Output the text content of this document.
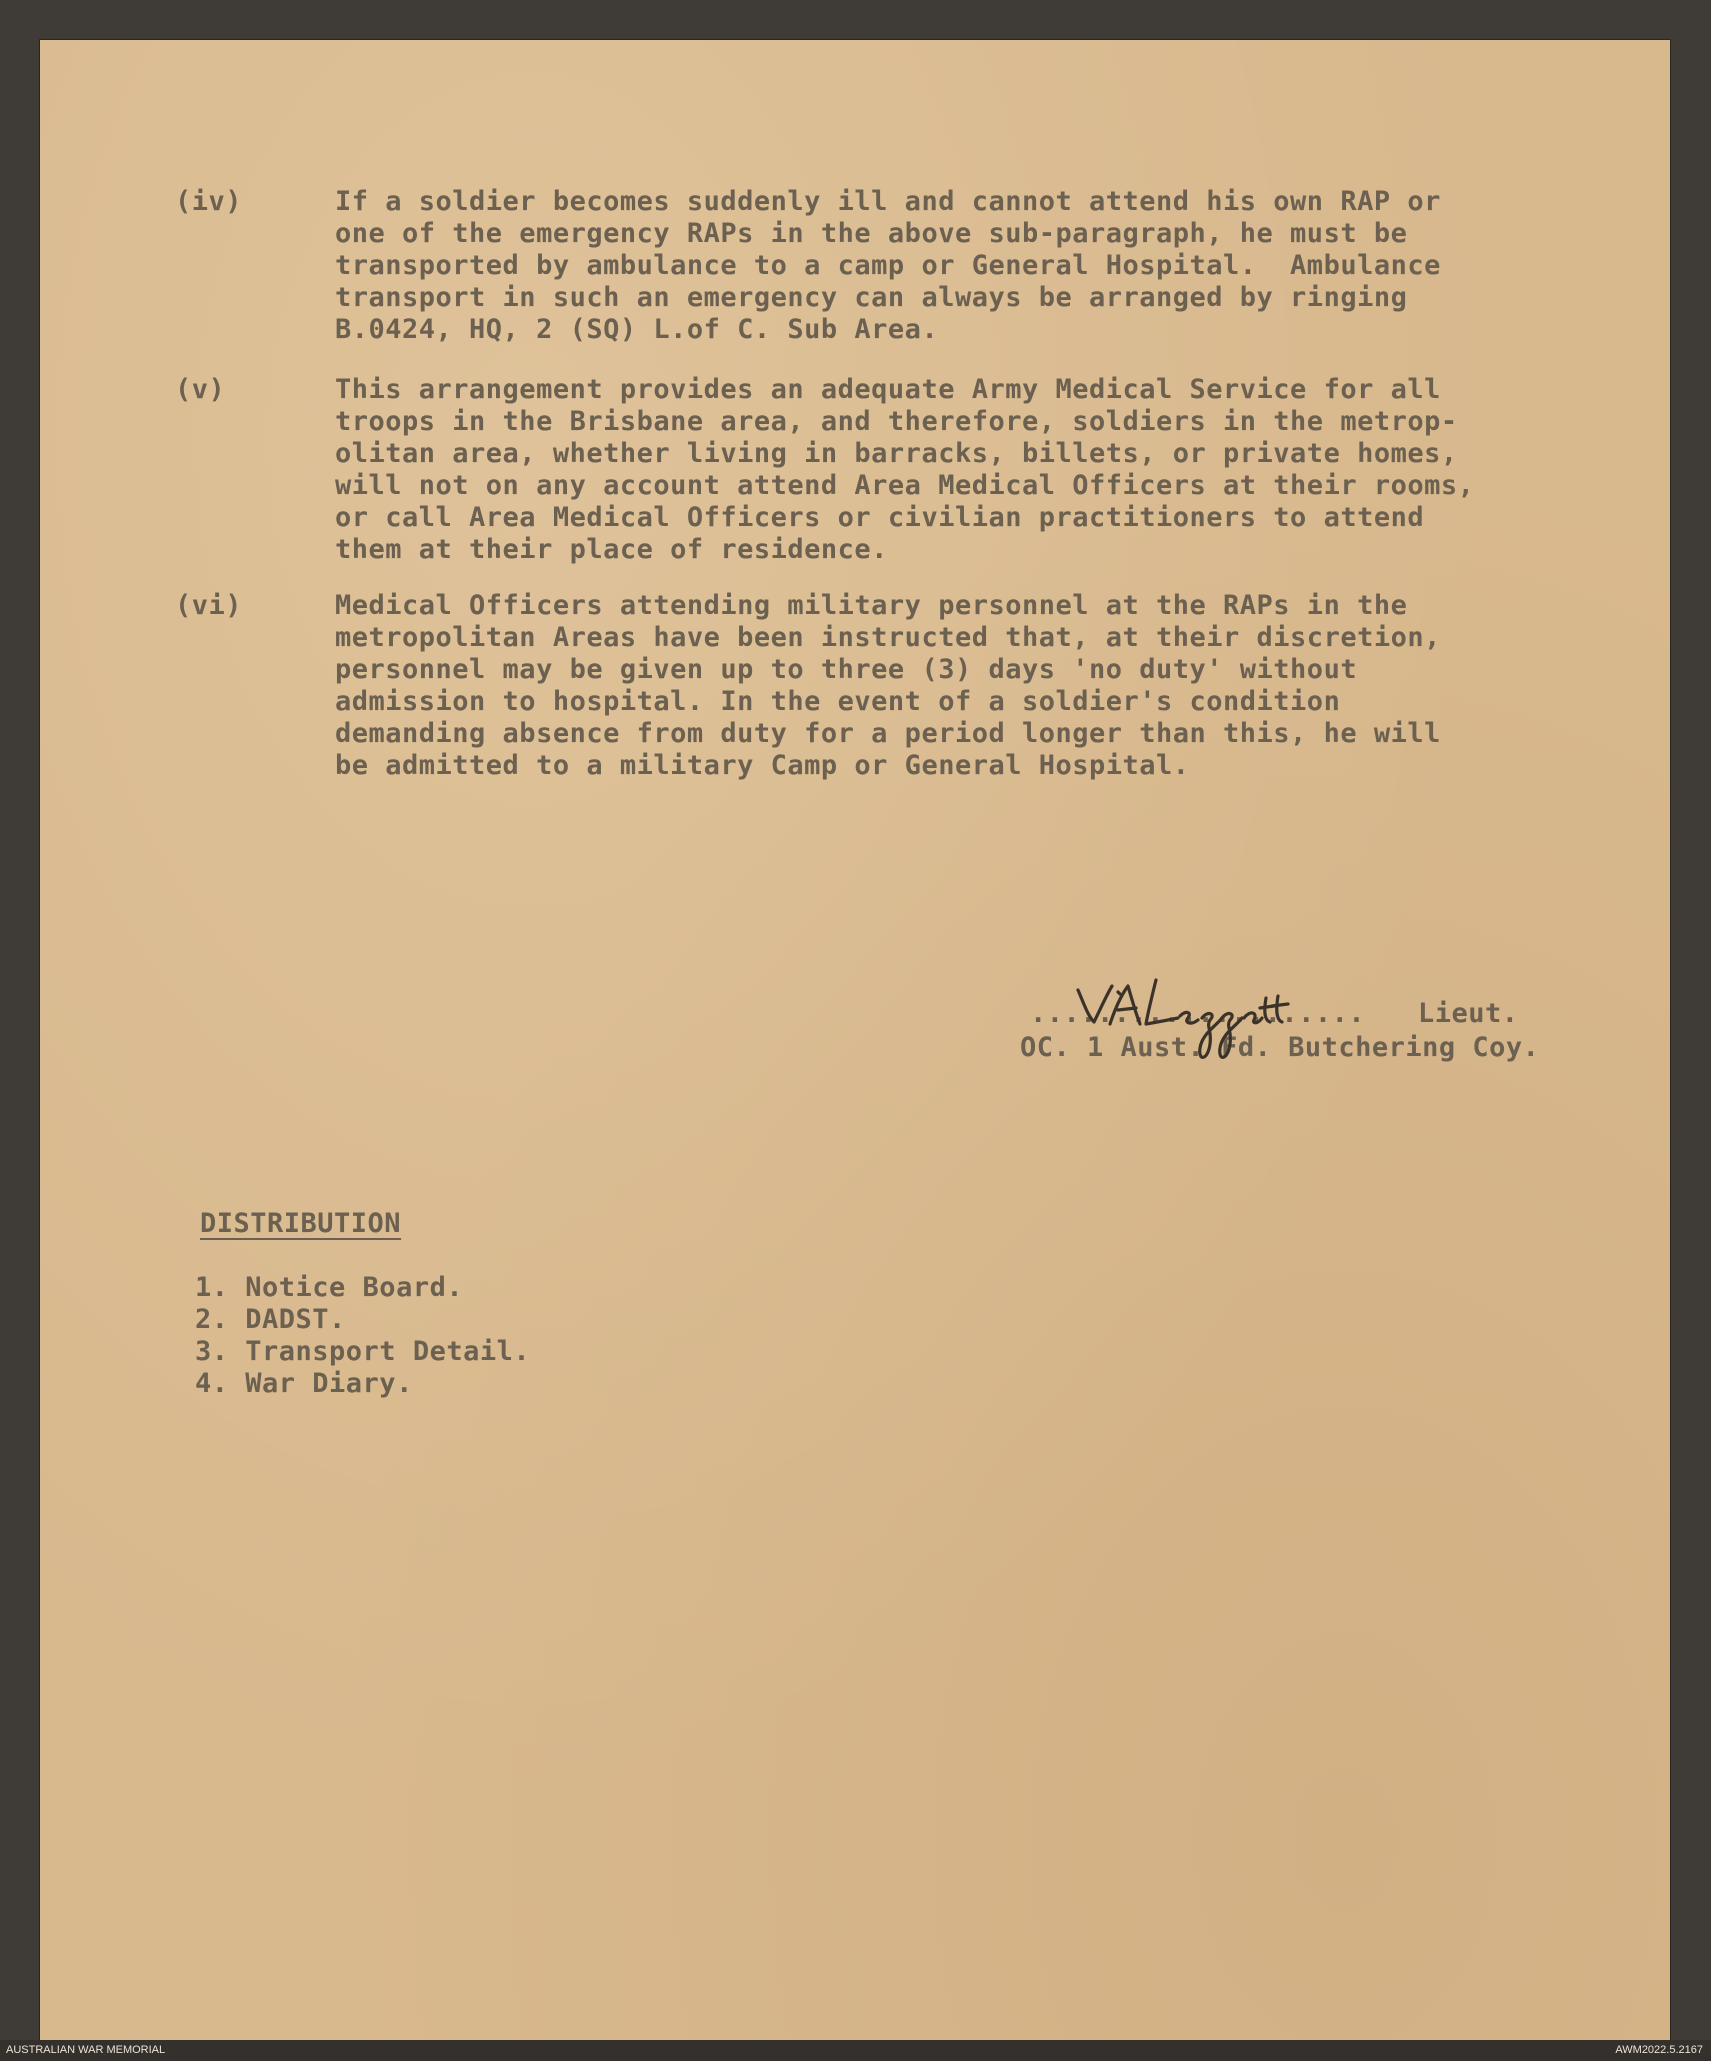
(iv)	If a soldier becomes suddenly ill and cannot attend his own RAP or
one of the emergency RAPs in the above sub-paragraph, he must be
transported by ambulance to a camp or General Hospital.  Ambulance
transport in such an emergency can always be arranged by ringing
B.0424, HQ, 2 (SQ) L.of C. Sub Area.
(v)	This arrangement provides an adequate Army Medical Service for all
troops in the Brisbane area, and therefore, soldiers in the metrop-
olitan area, whether living in barracks, billets, or private homes,
will not on any account attend Area Medical Officers at their rooms,
or call Area Medical Officers or civilian practitioners to attend
them at their place of residence.
(vi)	Medical Officers attending military personnel at the RAPs in the
metropolitan Areas have been instructed that, at their discretion,
personnel may be given up to three (3) days 'no duty' without
admission to hospital. In the event of a soldier's condition
demanding absence from duty for a period longer than this, he will
be admitted to a military Camp or General Hospital.
.................... Lieut.
OC. 1 Aust. Fd. Butchering Coy.
DISTRIBUTION
1. Notice Board.
2. DADST.
3. Transport Detail.
4. War Diary.
AUSTRALIAN WAR MEMORIAL	AWM2022.5.2167
